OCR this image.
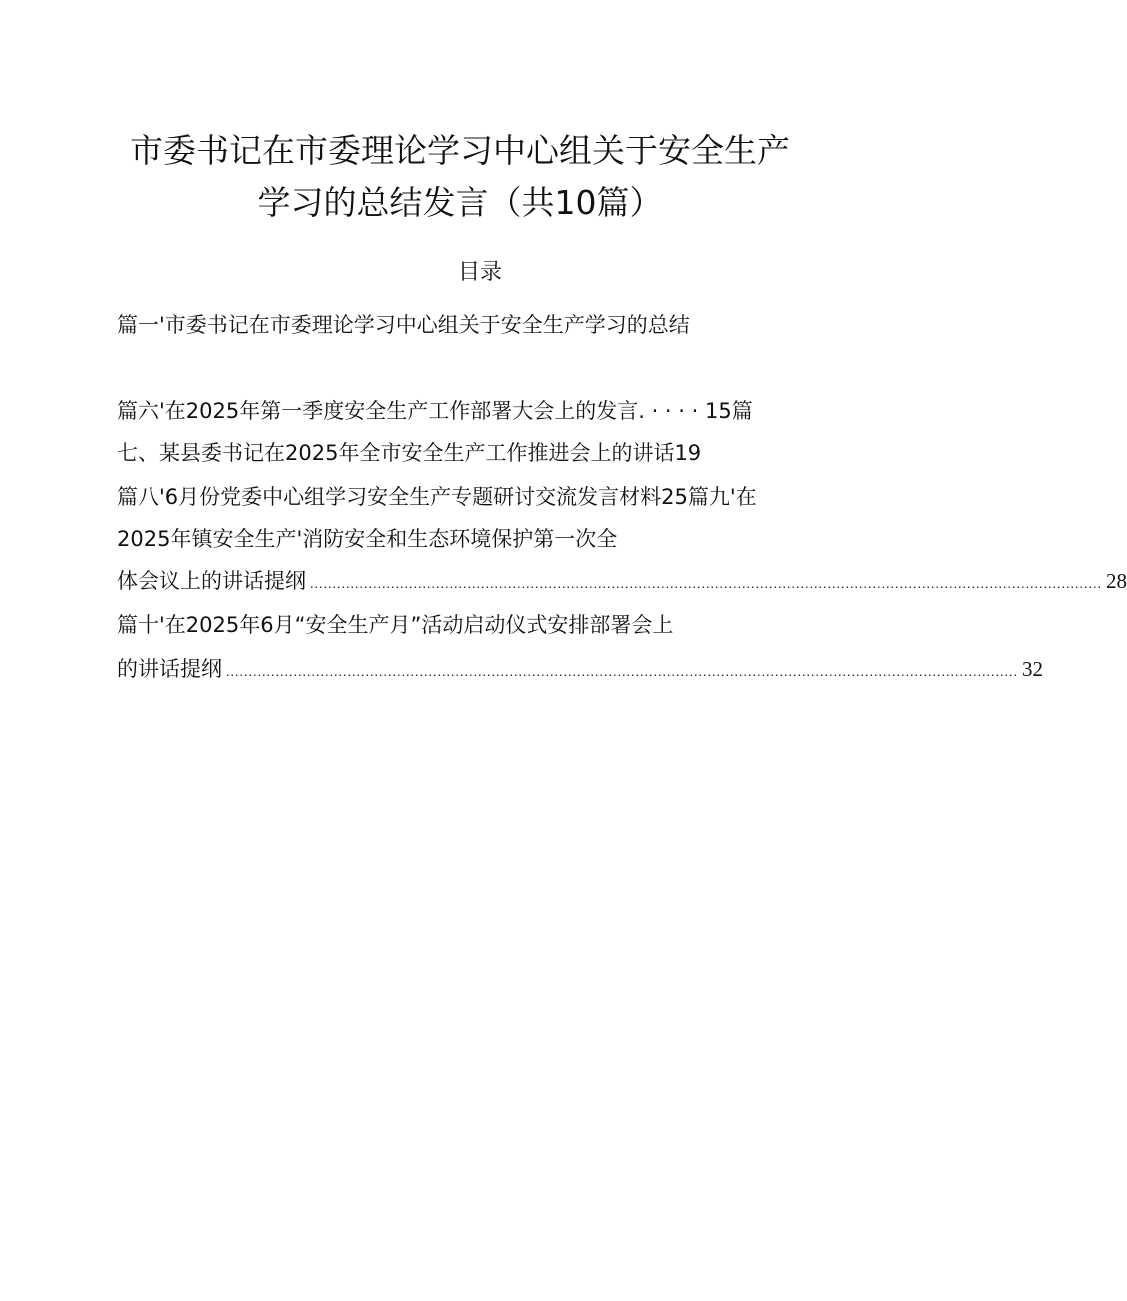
市委书记在市委理论学习中心组关于安全生产
学习的总结发言（共10篇）
目录
篇一'市委书记在市委理论学习中心组关于安全生产学习的总结
篇六'在2025年第一季度安全生产工作部署大会上的发言. · · · · 15篇
七、某县委书记在2025年全市安全生产工作推进会上的讲话19
篇八'6月份党委中心组学习安全生产专题研讨交流发言材料25篇九'在
2025年镇安全生产'消防安全和生态环境保护第一次全
体会议上的讲话提纲 ................................................................................................................................................................................ 28
篇十'在2025年6月“安全生产月”活动启动仪式安排部署会上
的讲话提纲 ................................................................................................................................................................................ 32
